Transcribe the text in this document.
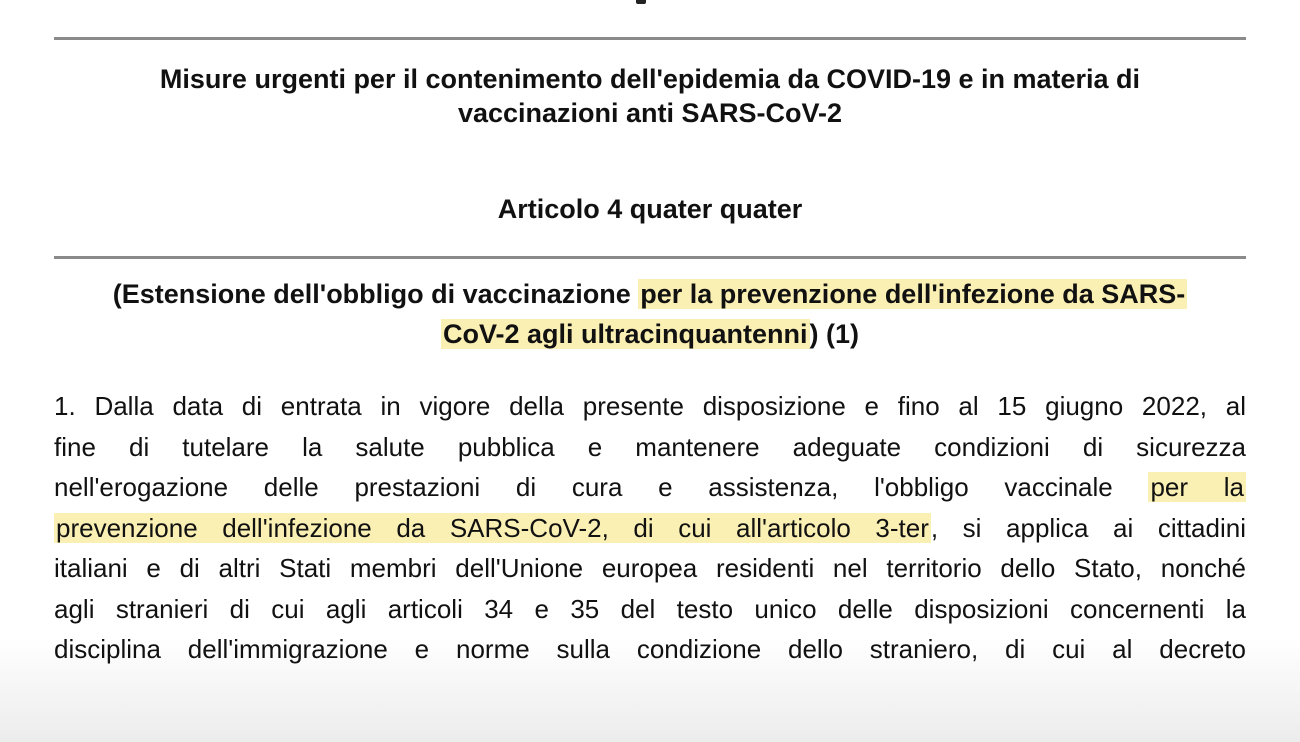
Misure urgenti per il contenimento dell'epidemia da COVID-19 e in materia di
vaccinazioni anti SARS-CoV-2
Articolo 4 quater quater

(Estensione dell'obbligo di vaccinazione per la prevenzione dell'infezione da SARS-
CoV-2 agli ultracinquantenni) (1)

1. Dalla data di entrata in vigore della presente disposizione e fino al 15 giugno 2022, al
fine di tutelare la salute pubblica e mantenere adeguate condizioni di sicurezza
nell'erogazione delle prestazioni di cura e assistenza, l'obbligo vaccinale per la
prevenzione dell'infezione da SARS-CoV-2, di cui all'articolo 3-ter, si applica ai cittadini
italiani e di altri Stati membri dell'Unione europea residenti nel territorio dello Stato, nonché
agli stranieri di cui agli articoli 34 e 35 del testo unico delle disposizioni concernenti la
disciplina dell'immigrazione e norme sulla condizione dello straniero, di cui al decreto
